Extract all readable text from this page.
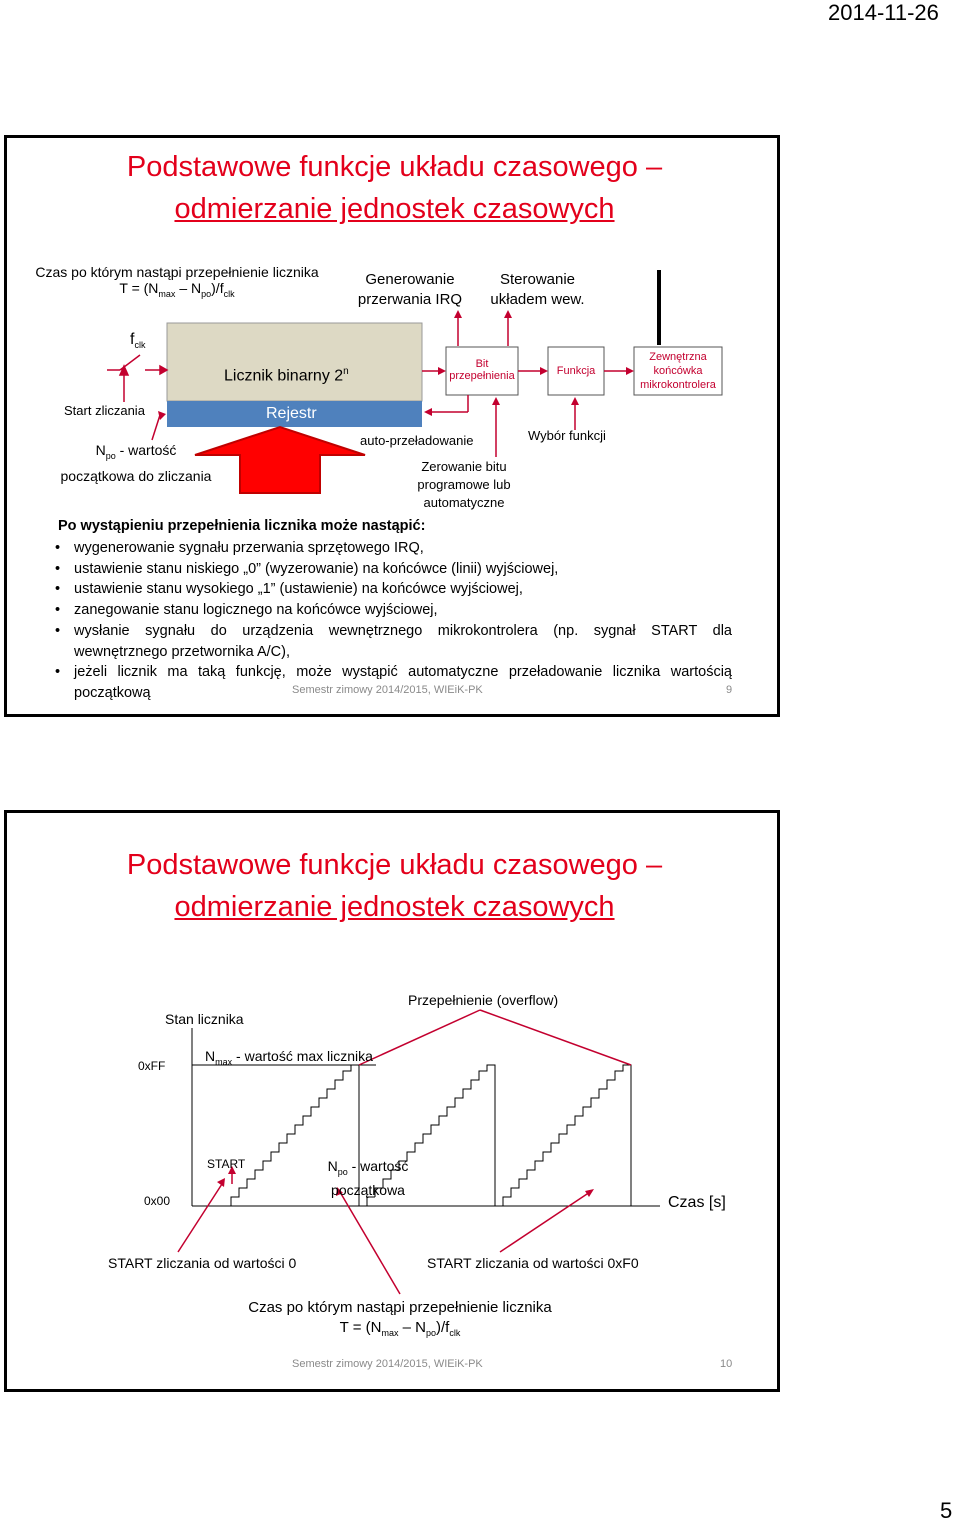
2014-11-26
Podstawowe funkcje układu czasowego –
odmierzanie jednostek czasowych
Czas po którym nastąpi przepełnienie licznika
$T = (N_{max} - N_{po})/f_{clk}$
Generowanie
przerwania IRQ
Sterowanie
układem wew.
$f_{clk}$
Licznik binarny 2$^n$
Rejestr
Start zliczania
$N_{po}$ - wartość
początkowa do zliczania
Bit
przepełnienia	Funkcja
Zewnętrzna
końcówka
mikrokontrolera
auto-przeładowanie	Wybór funkcji
Zerowanie bitu
programowe lub
automatyczne
Po wystąpieniu przepełnienia licznika może nastąpić:
• wygenerowanie sygnału przerwania sprzętowego IRQ,
• ustawienie stanu niskiego „0” (wyzerowanie) na końcówce (linii) wyjściowej,
• ustawienie stanu wysokiego „1” (ustawienie) na końcówce wyjściowej,
• zanegowanie stanu logicznego na końcówce wyjściowej,
• wysłanie sygnału do urządzenia wewnętrznego mikrokontrolera (np. sygnał START dla
wewnętrznego przetwornika A/C),
• jeżeli licznik ma taką funkcję, może wystąpić automatyczne przeładowanie licznika wartością
początkową	Semestr zimowy 2014/2015, WIEiK-PK	9
Podstawowe funkcje układu czasowego –
odmierzanie jednostek czasowych
Stan licznika
Przepełnienie (overflow)
0xFF
0x00
$N_{max}$ - wartość max licznika
START	$N_{po}$ - wartość
początkowa
Czas [s]
START zliczania od wartości 0	START zliczania od wartości 0xF0
Czas po którym nastąpi przepełnienie licznika
$T = (N_{max} - N_{po})/f_{clk}$
Semestr zimowy 2014/2015, WIEiK-PK	10
5
